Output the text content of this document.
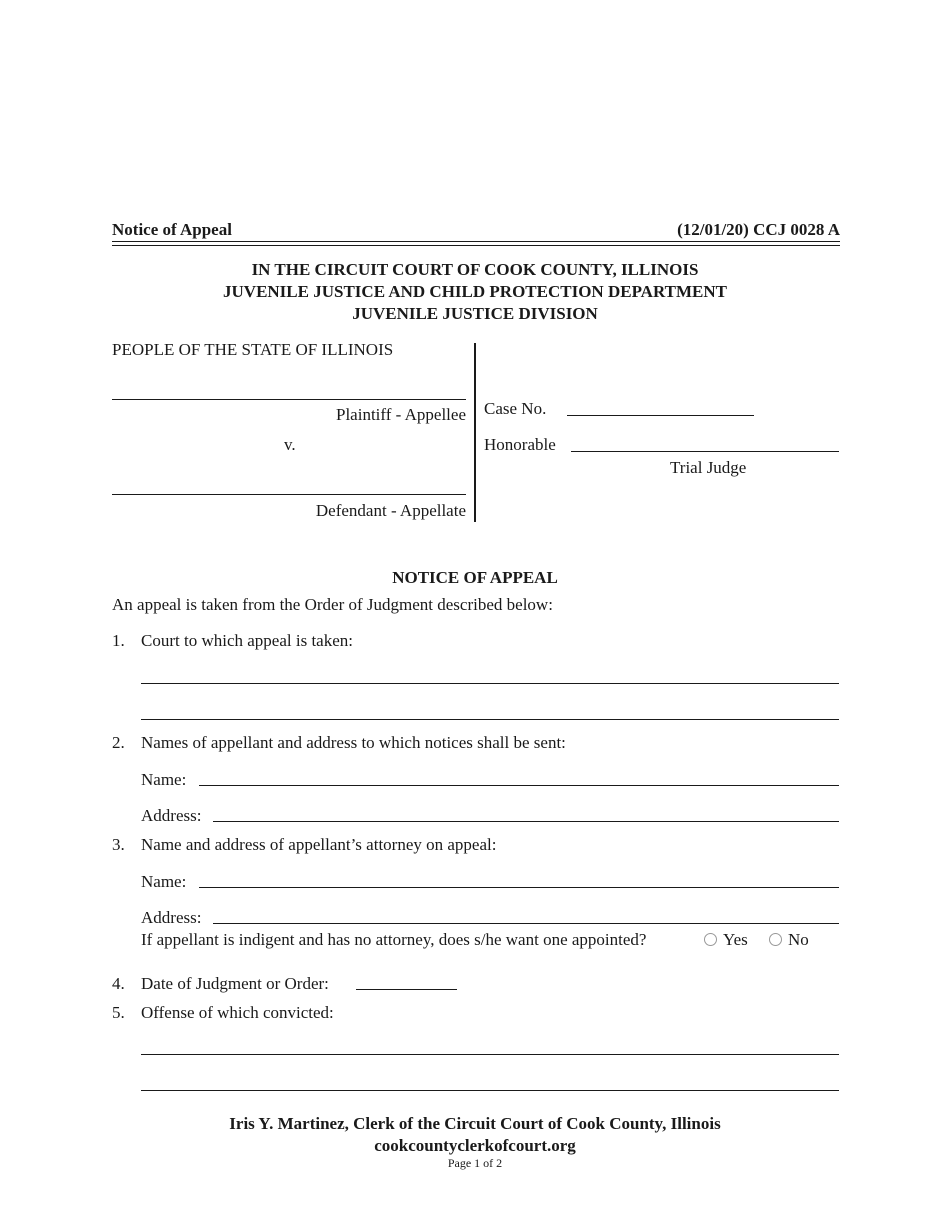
Notice of Appeal	(12/01/20) CCJ 0028 A
IN THE CIRCUIT COURT OF COOK COUNTY, ILLINOIS
JUVENILE JUSTICE AND CHILD PROTECTION DEPARTMENT
JUVENILE JUSTICE DIVISION
PEOPLE OF THE STATE OF ILLINOIS
Plaintiff - Appellee
v.
Defendant - Appellate
Case No.
Honorable
Trial Judge
NOTICE OF APPEAL
An appeal is taken from the Order of Judgment described below:
1. Court to which appeal is taken:
2. Names of appellant and address to which notices shall be sent:
Name:
Address:
3. Name and address of appellant’s attorney on appeal:
Name:
Address:
If appellant is indigent and has no attorney, does s/he want one appointed?	Yes	No
4. Date of Judgment or Order:
5. Offense of which convicted:
Iris Y. Martinez, Clerk of the Circuit Court of Cook County, Illinois
cookcountyclerkofcourt.org
Page 1 of 2
